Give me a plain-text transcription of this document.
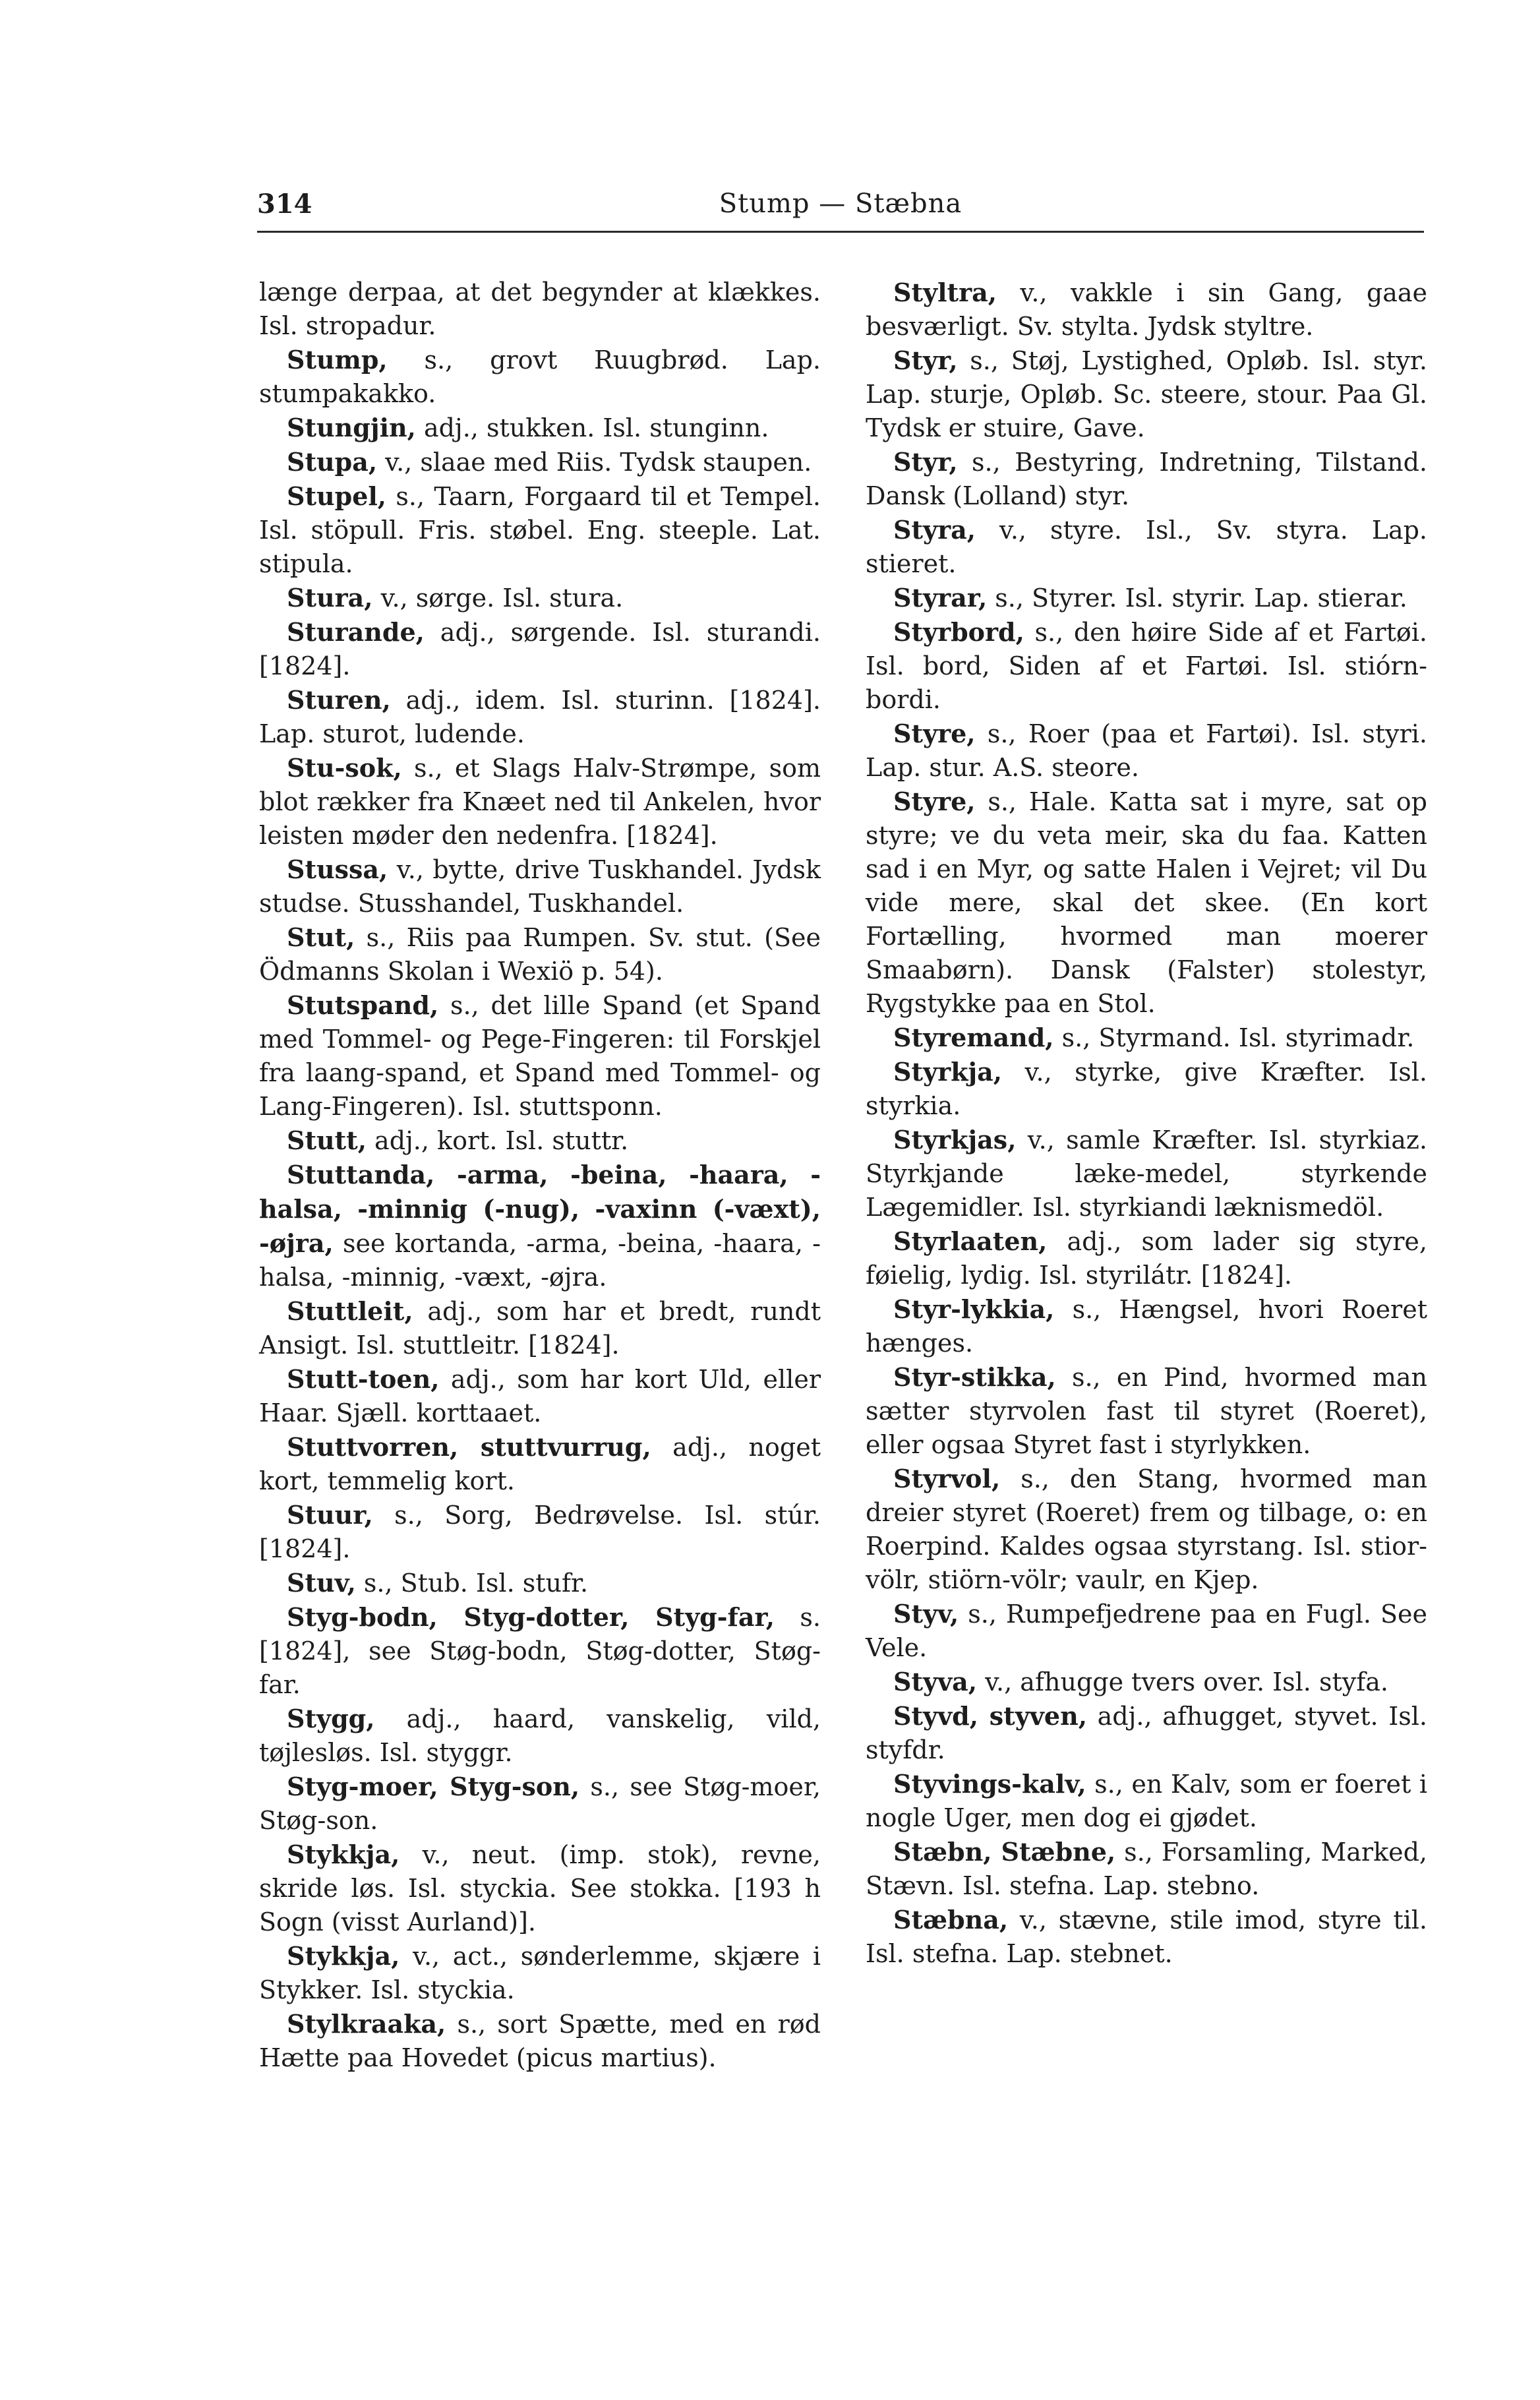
314	Stump — Stæbna
længe derpaa, at det begynder at klækkes. Isl. stropadur.
Stump, s., grovt Ruugbrød. Lap. stumpakakko.
Stungjin, adj., stukken. Isl. stunginn.
Stupa, v., slaae med Riis. Tydsk staupen.
Stupel, s., Taarn, Forgaard til et Tempel. Isl. stöpull. Fris. støbel. Eng. steeple. Lat. stipula.
Stura, v., sørge. Isl. stura.
Sturande, adj., sørgende. Isl. sturandi. [1824].
Sturen, adj., idem. Isl. sturinn. [1824]. Lap. sturot, ludende.
Stu-sok, s., et Slags Halv-Strømpe, som blot rækker fra Knæet ned til Ankelen, hvor leisten møder den nedenfra. [1824].
Stussa, v., bytte, drive Tuskhandel. Jydsk studse. Stusshandel, Tuskhandel.
Stut, s., Riis paa Rumpen. Sv. stut. (See Ödmanns Skolan i Wexiö p. 54).
Stutspand, s., det lille Spand (et Spand med Tommel- og Pege-Fingeren: til Forskjel fra laang-spand, et Spand med Tommel- og Lang-Fingeren). Isl. stuttsponn.
Stutt, adj., kort. Isl. stuttr.
Stuttanda, -arma, -beina, -haara, -halsa, -minnig (-nug), -vaxinn (-væxt), -øjra, see kortanda, -arma, -beina, -haara, -halsa, -minnig, -væxt, -øjra.
Stuttleit, adj., som har et bredt, rundt Ansigt. Isl. stuttleitr. [1824].
Stutt-toen, adj., som har kort Uld, eller Haar. Sjæll. korttaaet.
Stuttvorren, stuttvurrug, adj., noget kort, temmelig kort.
Stuur, s., Sorg, Bedrøvelse. Isl. stúr. [1824].
Stuv, s., Stub. Isl. stufr.
Styg-bodn, Styg-dotter, Styg-far, s. [1824], see Støg-bodn, Støg-dotter, Støg-far.
Stygg, adj., haard, vanskelig, vild, tøjlesløs. Isl. styggr.
Styg-moer, Styg-son, s., see Støg-moer, Støg-son.
Stykkja, v., neut. (imp. stok), revne, skride løs. Isl. styckia. See stokka. [193 h Sogn (visst Aurland)].
Stykkja, v., act., sønderlemme, skjære i Stykker. Isl. styckia.
Stylkraaka, s., sort Spætte, med en rød Hætte paa Hovedet (picus martius).
Styltra, v., vakkle i sin Gang, gaae besværligt. Sv. stylta. Jydsk styltre.
Styr, s., Støj, Lystighed, Opløb. Isl. styr. Lap. sturje, Opløb. Sc. steere, stour. Paa Gl. Tydsk er stuire, Gave.
Styr, s., Bestyring, Indretning, Tilstand. Dansk (Lolland) styr.
Styra, v., styre. Isl., Sv. styra. Lap. stieret.
Styrar, s., Styrer. Isl. styrir. Lap. stierar.
Styrbord, s., den høire Side af et Fartøi. Isl. bord, Siden af et Fartøi. Isl. stiórn-bordi.
Styre, s., Roer (paa et Fartøi). Isl. styri. Lap. stur. A.S. steore.
Styre, s., Hale. Katta sat i myre, sat op styre; ve du veta meir, ska du faa. Katten sad i en Myr, og satte Halen i Vejret; vil Du vide mere, skal det skee. (En kort Fortælling, hvormed man moerer Smaabørn). Dansk (Falster) stolestyr, Rygstykke paa en Stol.
Styremand, s., Styrmand. Isl. styrimadr.
Styrkja, v., styrke, give Kræfter. Isl. styrkia.
Styrkjas, v., samle Kræfter. Isl. styrkiaz. Styrkjande læke-medel, styrkende Lægemidler. Isl. styrkiandi læknismedöl.
Styrlaaten, adj., som lader sig styre, føielig, lydig. Isl. styrilátr. [1824].
Styr-lykkia, s., Hængsel, hvori Roeret hænges.
Styr-stikka, s., en Pind, hvormed man sætter styrvolen fast til styret (Roeret), eller ogsaa Styret fast i styrlykken.
Styrvol, s., den Stang, hvormed man dreier styret (Roeret) frem og tilbage, o: en Roerpind. Kaldes ogsaa styrstang. Isl. stior-völr, stiörn-völr; vaulr, en Kjep.
Styv, s., Rumpefjedrene paa en Fugl. See Vele.
Styva, v., afhugge tvers over. Isl. styfa.
Styvd, styven, adj., afhugget, styvet. Isl. styfdr.
Styvings-kalv, s., en Kalv, som er foeret i nogle Uger, men dog ei gjødet.
Stæbn, Stæbne, s., Forsamling, Marked, Stævn. Isl. stefna. Lap. stebno.
Stæbna, v., stævne, stile imod, styre til. Isl. stefna. Lap. stebnet.
